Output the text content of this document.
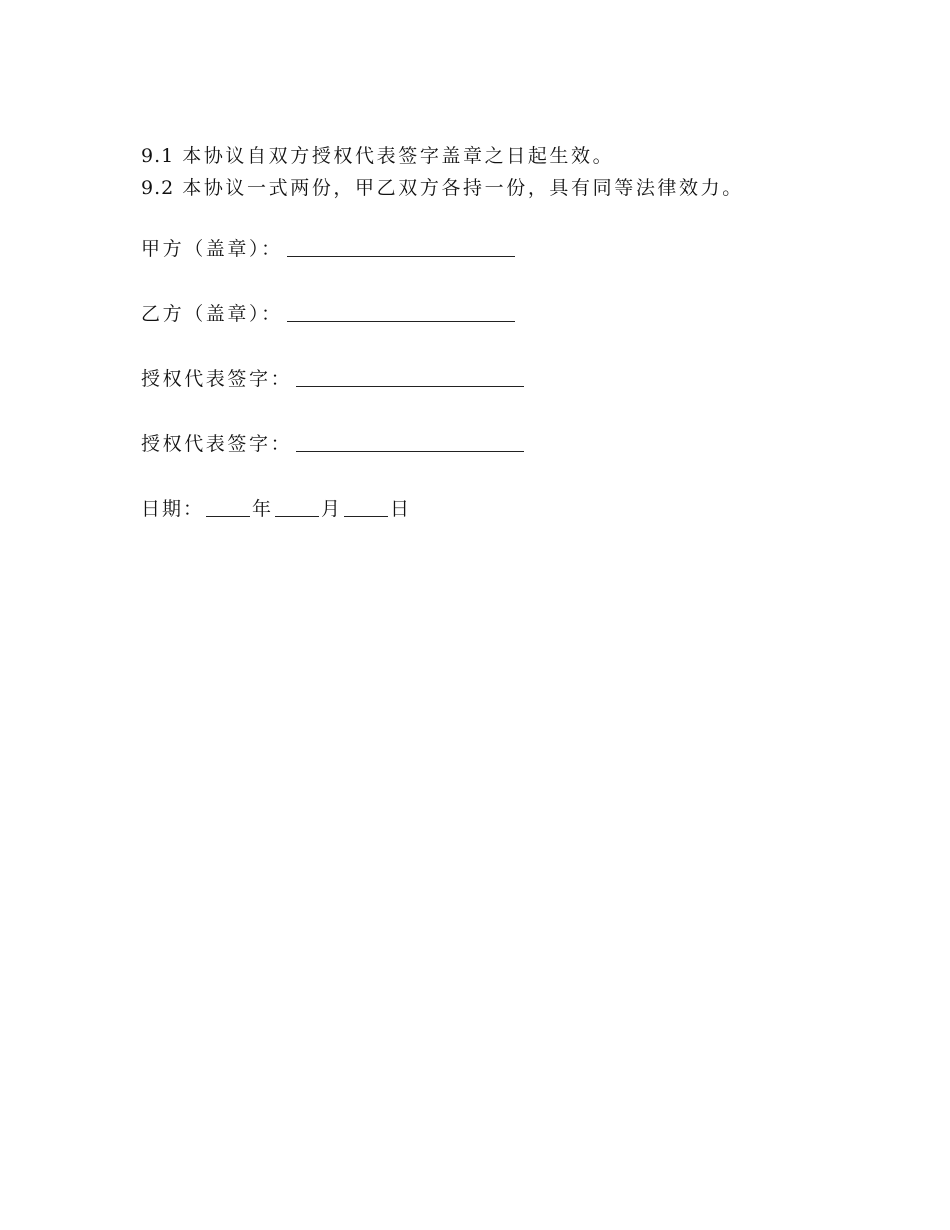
9.1 本协议自双方授权代表签字盖章之日起生效。
9.2 本协议一式两份，甲乙双方各持一份，具有同等法律效力。
甲方（盖章）：
乙方（盖章）：
授权代表签字：
授权代表签字：
日期：	年	月	日
